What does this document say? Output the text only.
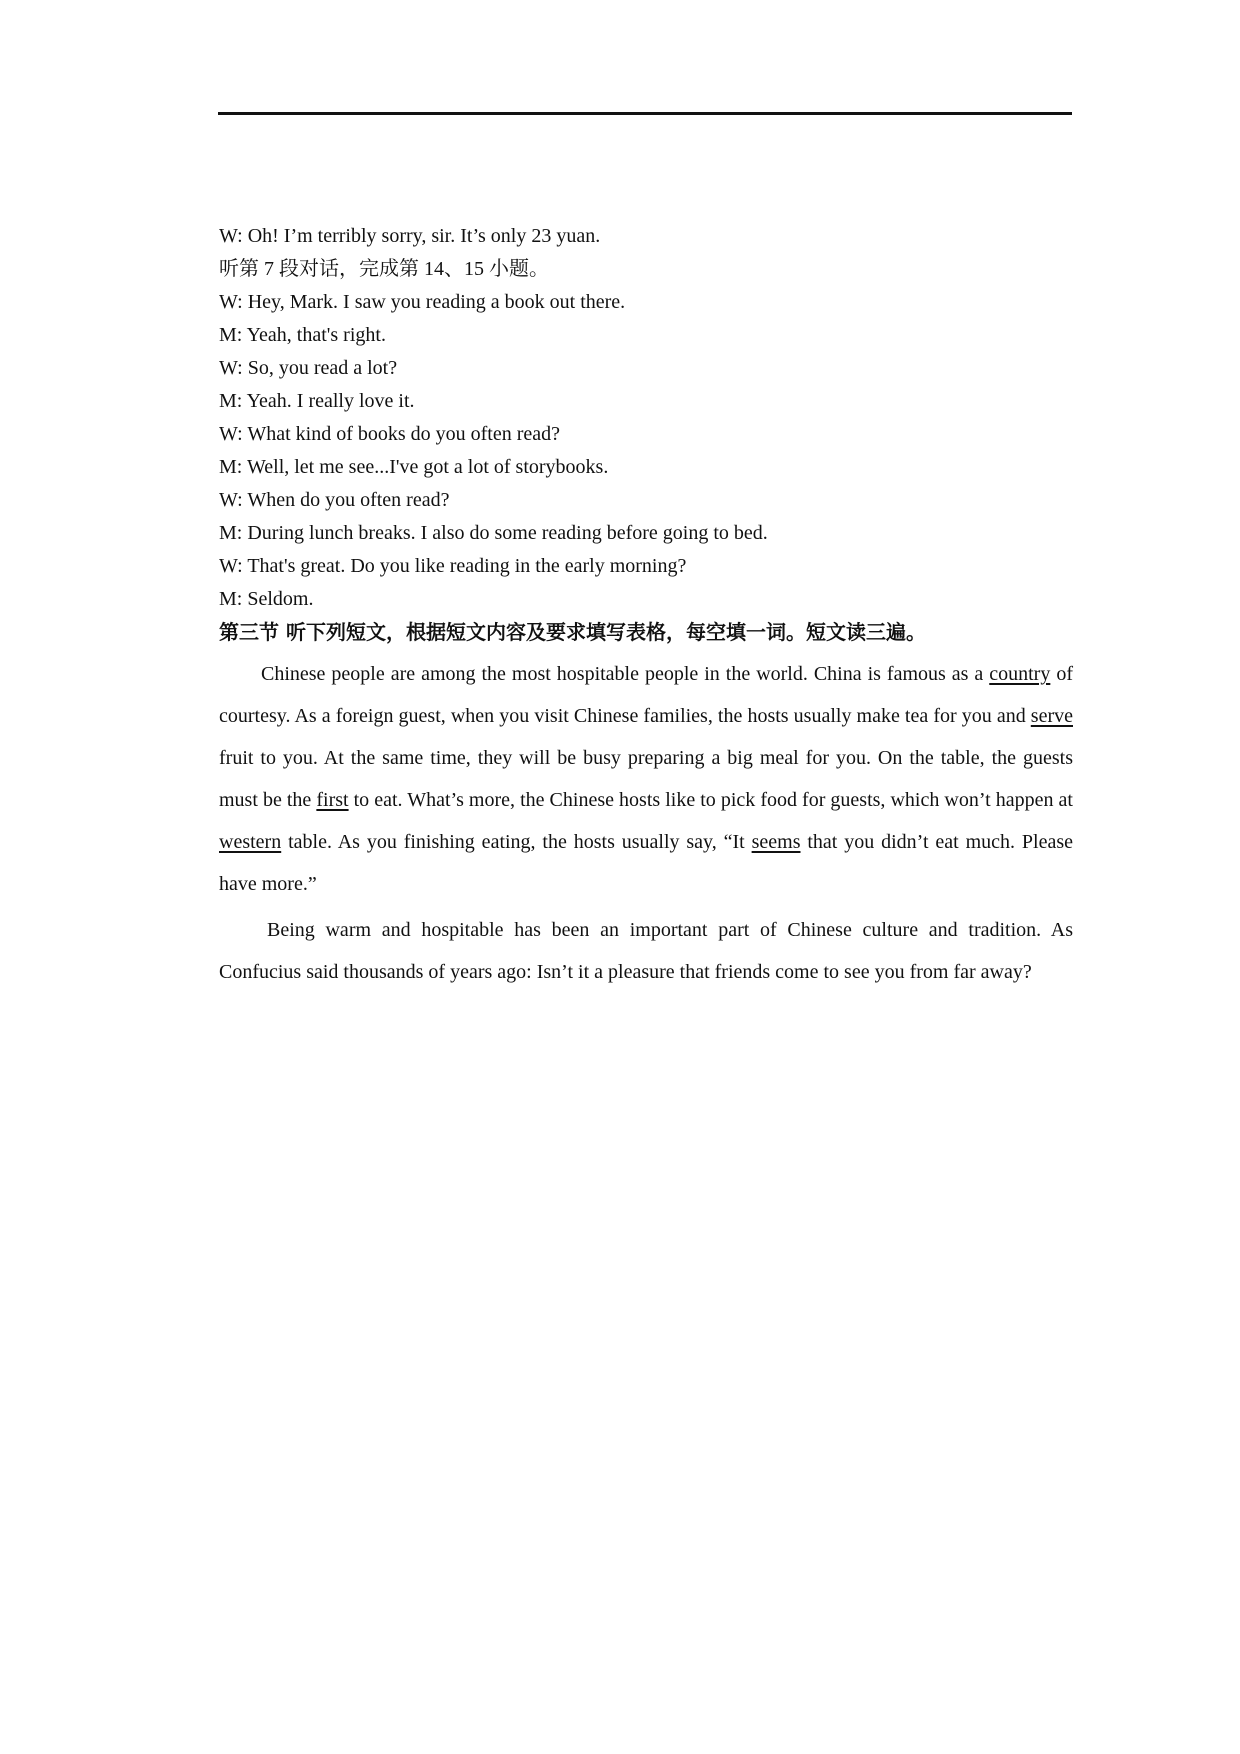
W: Oh! I’m terribly sorry, sir. It’s only 23 yuan.
听第 7 段对话，完成第 14、15 小题。
W: Hey, Mark. I saw you reading a book out there.
M: Yeah, that's right.
W: So, you read a lot?
M: Yeah. I really love it.
W: What kind of books do you often read?
M: Well, let me see...I've got a lot of storybooks.
W: When do you often read?
M: During lunch breaks. I also do some reading before going to bed.
W: That's great. Do you like reading in the early morning?
M: Seldom.
第三节 听下列短文，根据短文内容及要求填写表格，每空填一词。短文读三遍。

Chinese people are among the most hospitable people in the world. China is famous as a country of courtesy. As a foreign guest, when you visit Chinese families, the hosts usually make tea for you and serve fruit to you. At the same time, they will be busy preparing a big meal for you. On the table, the guests must be the first to eat. What’s more, the Chinese hosts like to pick food for guests, which won’t happen at western table. As you finishing eating, the hosts usually say, “It seems that you didn’t eat much. Please have more.”

Being warm and hospitable has been an important part of Chinese culture and tradition. As Confucius said thousands of years ago: Isn’t it a pleasure that friends come to see you from far away?
